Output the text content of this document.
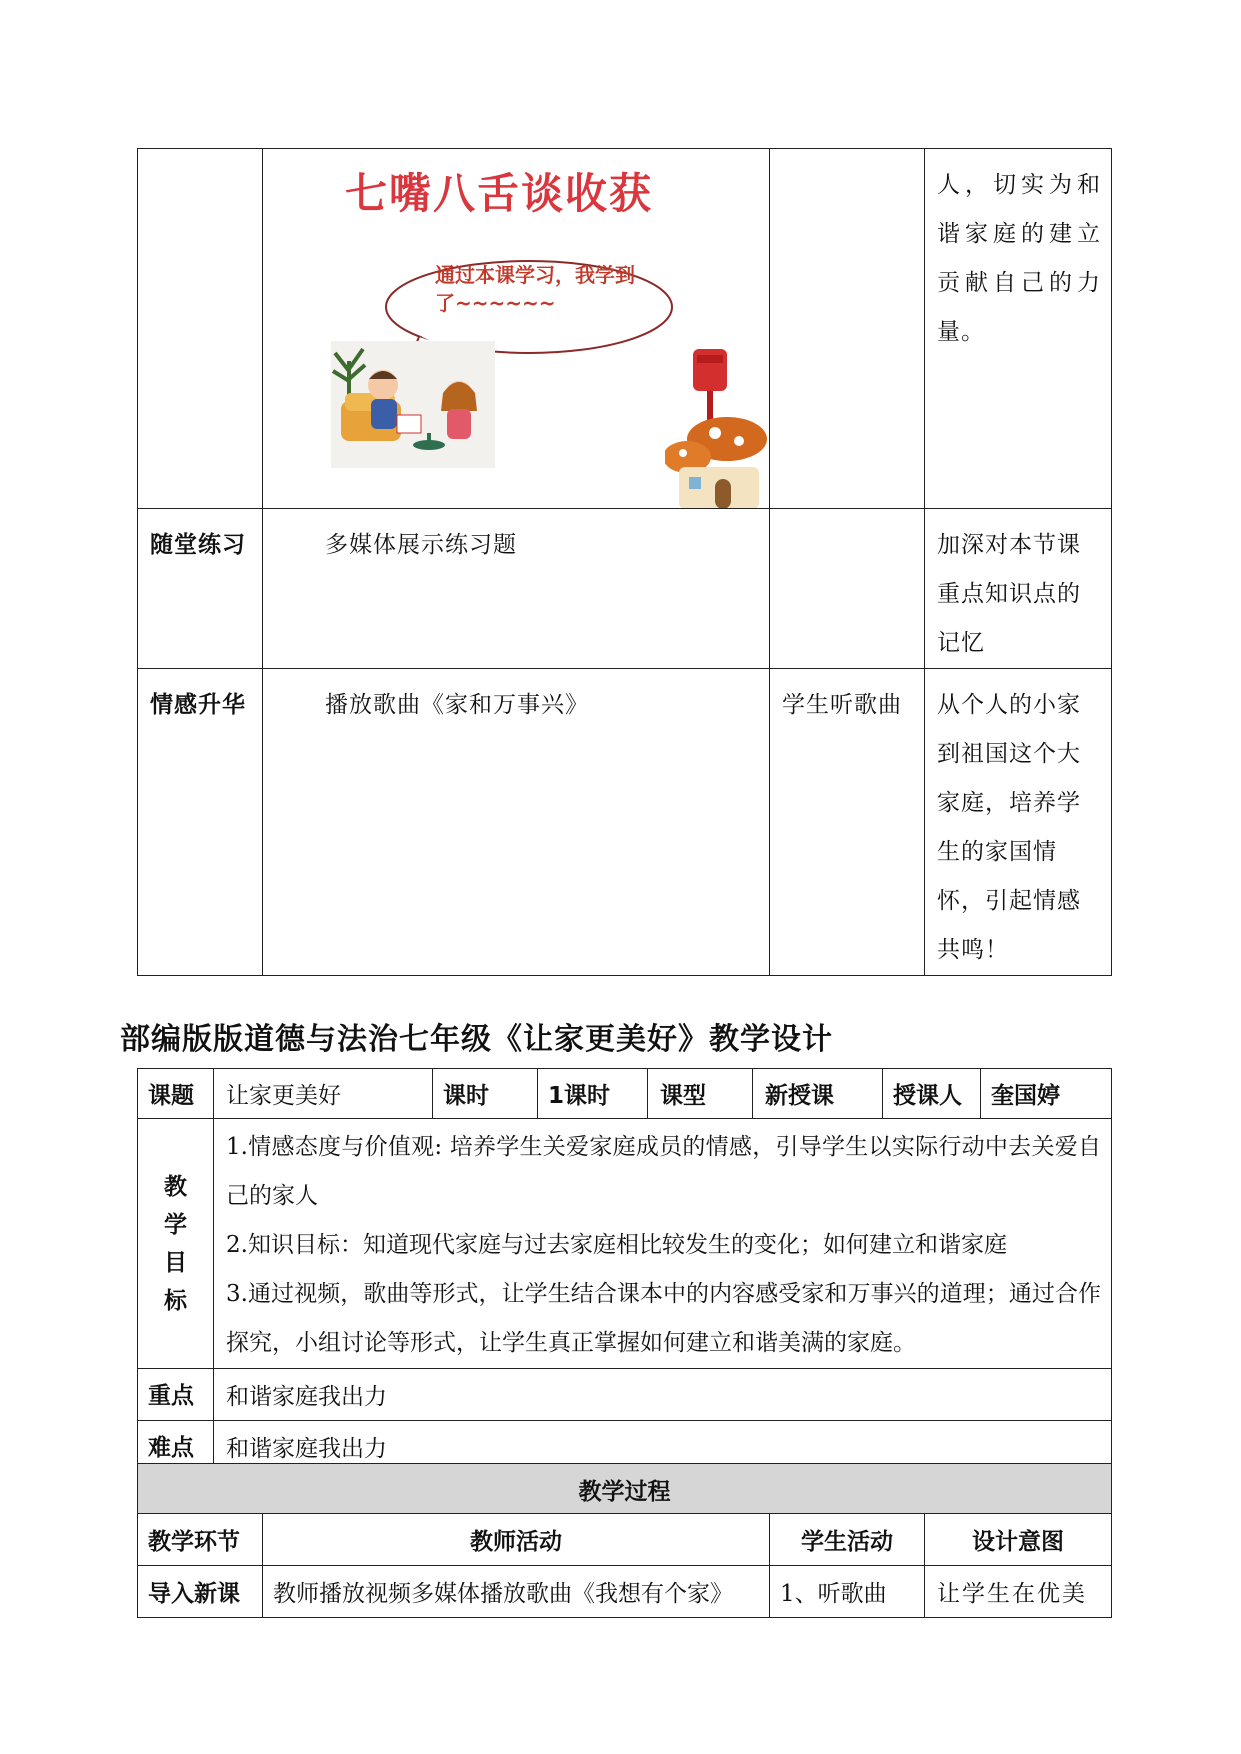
	七嘴八舌谈收获
通过本课学习，我学到了~~~~~~		人，切实为和谐家庭的建立贡献自己的力量。

随堂练习	多媒体展示练习题		加深对本节课重点知识点的记忆

情感升华	播放歌曲《家和万事兴》	学生听歌曲	从个人的小家到祖国这个大家庭，培养学生的家国情怀，引起情感共鸣！
部编版版道德与法治七年级《让家更美好》教学设计
课题	让家更美好	课时	1课时	课型	新授课	授课人	奎国婷

教学目标	1.情感态度与价值观: 培养学生关爱家庭成员的情感，引导学生以实际行动中去关爱自己的家人
2.知识目标：知道现代家庭与过去家庭相比较发生的变化；如何建立和谐家庭
3.通过视频，歌曲等形式，让学生结合课本中的内容感受家和万事兴的道理；通过合作探究，小组讨论等形式，让学生真正掌握如何建立和谐美满的家庭。						

重点	和谐家庭我出力						

难点	和谐家庭我出力						
教学过程			

教学环节	教师活动	学生活动	设计意图

导入新课	教师播放视频多媒体播放歌曲《我想有个家》	1、听歌曲	让学生在优美
